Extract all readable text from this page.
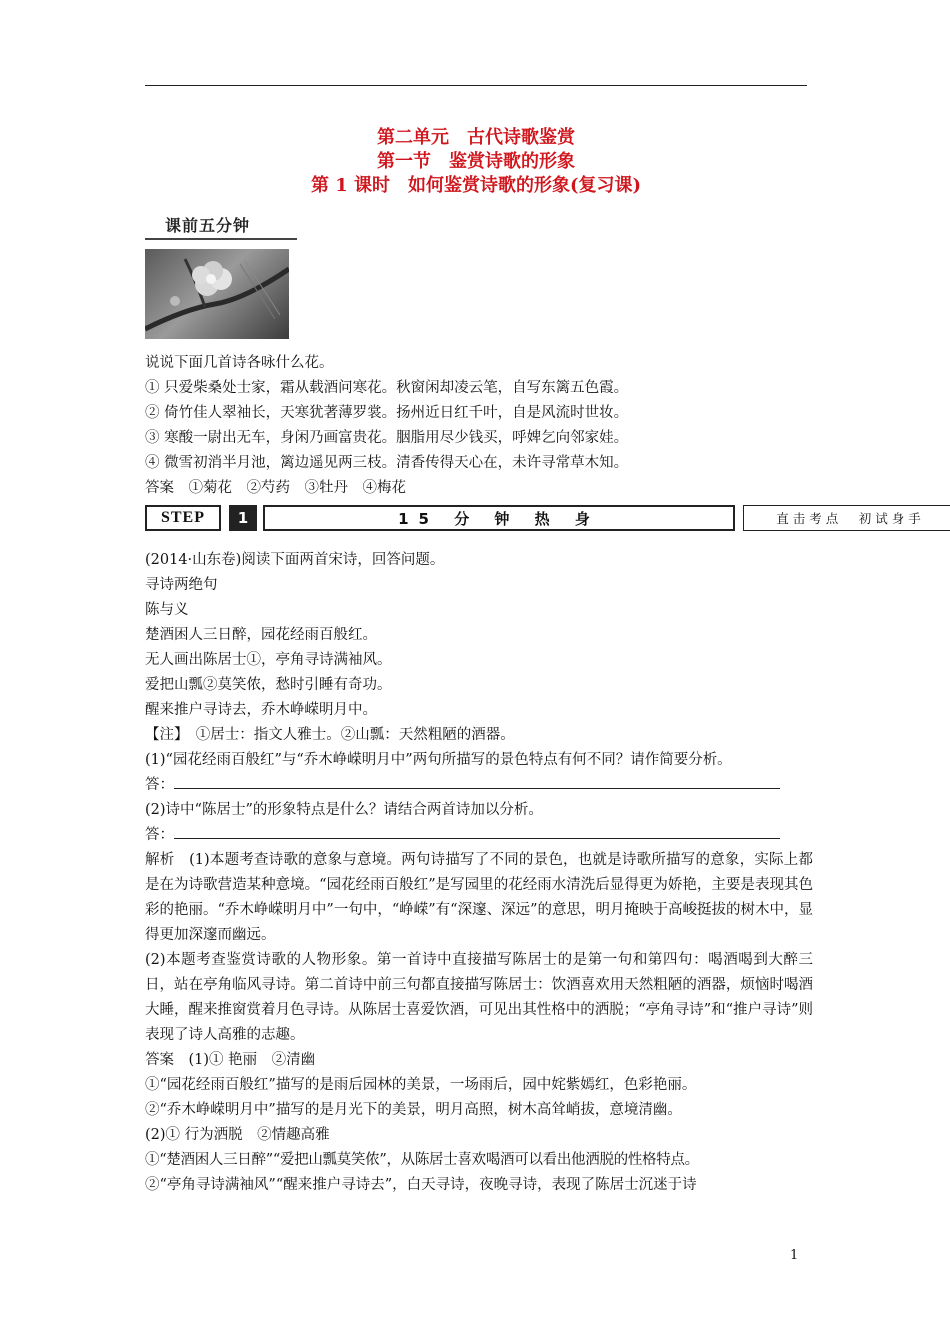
第二单元　古代诗歌鉴赏
第一节　鉴赏诗歌的形象
第 1 课时　如何鉴赏诗歌的形象(复习课)
课前五分钟

说说下面几首诗各咏什么花。

① 只爱柴桑处士家，霜从载酒问寒花。秋窗闲却凌云笔，自写东篱五色霞。

② 倚竹佳人翠袖长，天寒犹著薄罗裳。扬州近日红千叶，自是风流时世妆。

③ 寒酸一尉出无车，身闲乃画富贵花。胭脂用尽少钱买，呼婢乞向邻家娃。

④ 微雪初消半月池，篱边遥见两三枝。清香传得天心在，未许寻常草木知。

答案　①菊花　②芍药　③牡丹　④梅花

STEP	1	15 分 钟 热 身	直击考点　初试身手

(2014·山东卷)阅读下面两首宋诗，回答问题。

寻诗两绝句

陈与义

楚酒困人三日醉，园花经雨百般红。

无人画出陈居士①，亭角寻诗满袖风。

爱把山瓢②莫笑侬，愁时引睡有奇功。

醒来推户寻诗去，乔木峥嵘明月中。

【注】　①居士：指文人雅士。②山瓢：天然粗陋的酒器。

(1)“园花经雨百般红”与“乔木峥嵘明月中”两句所描写的景色特点有何不同？请作简要分析。

答：

(2)诗中“陈居士”的形象特点是什么？请结合两首诗加以分析。

答：

解析　(1)本题考查诗歌的意象与意境。两句诗描写了不同的景色，也就是诗歌所描写的意象，实际上都是在为诗歌营造某种意境。“园花经雨百般红”是写园里的花经雨水清洗后显得更为娇艳，主要是表现其色彩的艳丽。“乔木峥嵘明月中”一句中，“峥嵘”有“深邃、深远”的意思，明月掩映于高峻挺拔的树木中，显得更加深邃而幽远。

(2)本题考查鉴赏诗歌的人物形象。第一首诗中直接描写陈居士的是第一句和第四句：喝酒喝到大醉三日，站在亭角临风寻诗。第二首诗中前三句都直接描写陈居士：饮酒喜欢用天然粗陋的酒器，烦恼时喝酒大睡，醒来推窗赏着月色寻诗。从陈居士喜爱饮酒，可见出其性格中的洒脱；“亭角寻诗”和“推户寻诗”则表现了诗人高雅的志趣。

答案　(1)① 艳丽　②清幽

①“园花经雨百般红”描写的是雨后园林的美景，一场雨后，园中姹紫嫣红，色彩艳丽。

②“乔木峥嵘明月中”描写的是月光下的美景，明月高照，树木高耸峭拔，意境清幽。

(2)① 行为洒脱　②情趣高雅

①“楚酒困人三日醉”“爱把山瓢莫笑侬”，从陈居士喜欢喝酒可以看出他洒脱的性格特点。

②“亭角寻诗满袖风”“醒来推户寻诗去”，白天寻诗，夜晚寻诗，表现了陈居士沉迷于诗

1
